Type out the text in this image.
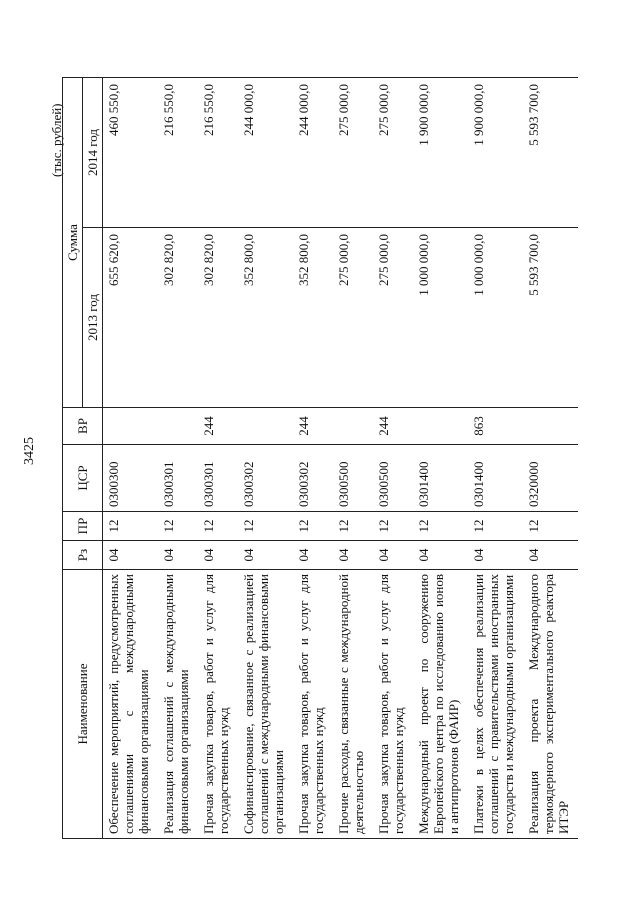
3425
(тыс. рублей)
Наименование	Рз	ПР	ЦСР	ВР	Сумма	
					2013 год	2014 год
Обеспечение мероприятий, предусмотренных соглашениями с международными финансовыми организациями	04	12	0300300		655 620,0	460 550,0
Реализация соглашений с международными финансовыми организациями	04	12	0300301		302 820,0	216 550,0
Прочая закупка товаров, работ и услуг для государственных нужд	04	12	0300301	244	302 820,0	216 550,0
Софинансирование, связанное с реализацией соглашений с международными финансовыми организациями	04	12	0300302		352 800,0	244 000,0
Прочая закупка товаров, работ и услуг для государственных нужд	04	12	0300302	244	352 800,0	244 000,0
Прочие расходы, связанные с международной деятельностью	04	12	0300500		275 000,0	275 000,0
Прочая закупка товаров, работ и услуг для государственных нужд	04	12	0300500	244	275 000,0	275 000,0
Международный проект по сооружению Европейского центра по исследованию ионов и антипротонов (ФАИР)	04	12	0301400		1 000 000,0	1 900 000,0
Платежи в целях обеспечения реализации соглашений с правительствами иностранных государств и международными организациями	04	12	0301400	863	1 000 000,0	1 900 000,0
Реализация проекта Международного термоядерного экспериментального реактора ИТЭР	04	12	0320000		5 593 700,0	5 593 700,0
